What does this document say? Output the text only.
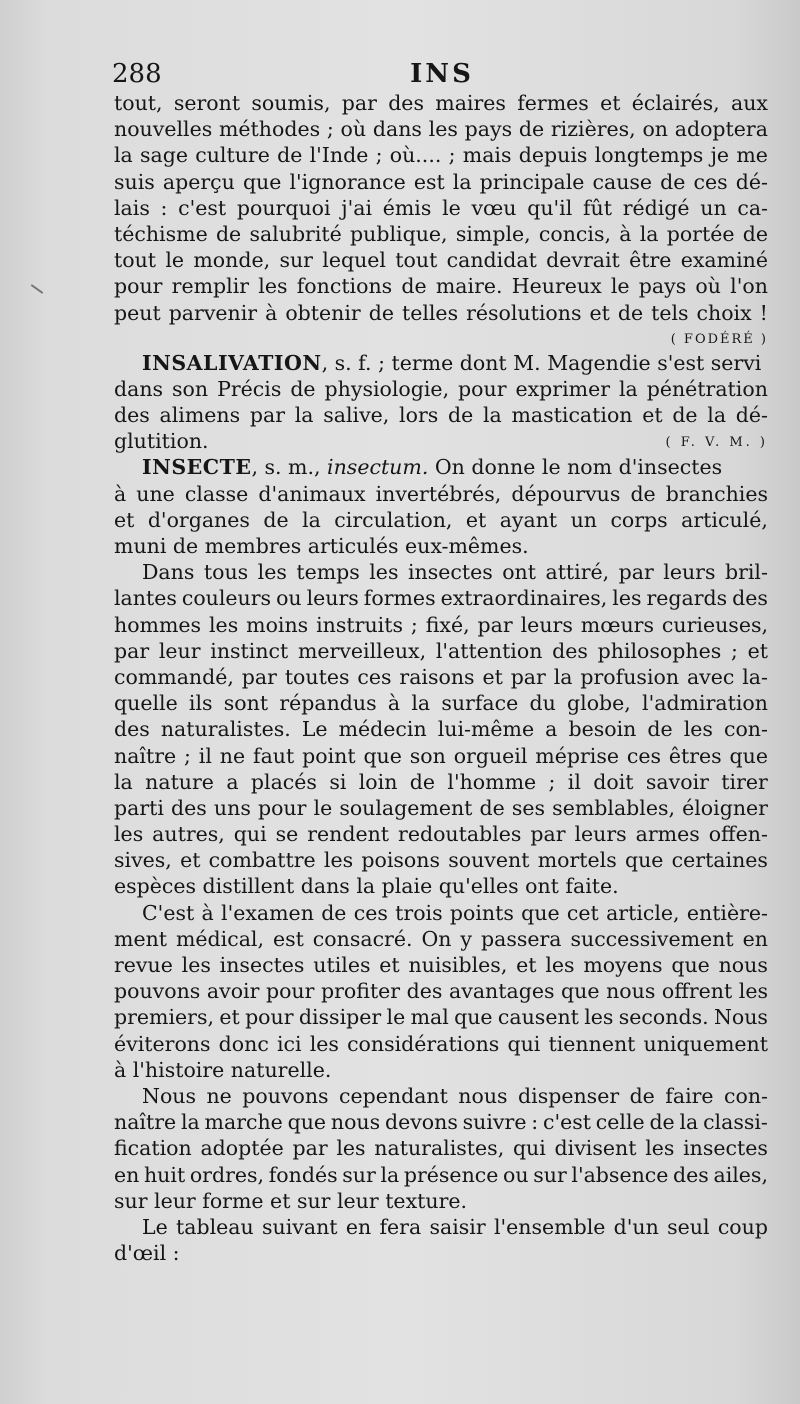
288	INS
tout, seront soumis, par des maires fermes et éclairés, aux
nouvelles méthodes ; où dans les pays de rizières, on adoptera
la sage culture de l'Inde ; où.... ; mais depuis longtemps je me
suis aperçu que l'ignorance est la principale cause de ces dé-
lais : c'est pourquoi j'ai émis le vœu qu'il fût rédigé un ca-
téchisme de salubrité publique, simple, concis, à la portée de
tout le monde, sur lequel tout candidat devrait être examiné
pour remplir les fonctions de maire. Heureux le pays où l'on
peut parvenir à obtenir de telles résolutions et de tels choix !
( FODÉRÉ )
INSALIVATION, s. f. ; terme dont M. Magendie s'est servi
dans son Précis de physiologie, pour exprimer la pénétration
des alimens par la salive, lors de la mastication et de la dé-
glutition.	( F. V. M. )
INSECTE, s. m., insectum. On donne le nom d'insectes
à une classe d'animaux invertébrés, dépourvus de branchies
et d'organes de la circulation, et ayant un corps articulé,
muni de membres articulés eux-mêmes.
Dans tous les temps les insectes ont attiré, par leurs bril-
lantes couleurs ou leurs formes extraordinaires, les regards des
hommes les moins instruits ; fixé, par leurs mœurs curieuses,
par leur instinct merveilleux, l'attention des philosophes ; et
commandé, par toutes ces raisons et par la profusion avec la-
quelle ils sont répandus à la surface du globe, l'admiration
des naturalistes. Le médecin lui-même a besoin de les con-
naître ; il ne faut point que son orgueil méprise ces êtres que
la nature a placés si loin de l'homme ; il doit savoir tirer
parti des uns pour le soulagement de ses semblables, éloigner
les autres, qui se rendent redoutables par leurs armes offen-
sives, et combattre les poisons souvent mortels que certaines
espèces distillent dans la plaie qu'elles ont faite.
C'est à l'examen de ces trois points que cet article, entière-
ment médical, est consacré. On y passera successivement en
revue les insectes utiles et nuisibles, et les moyens que nous
pouvons avoir pour profiter des avantages que nous offrent les
premiers, et pour dissiper le mal que causent les seconds. Nous
éviterons donc ici les considérations qui tiennent uniquement
à l'histoire naturelle.
Nous ne pouvons cependant nous dispenser de faire con-
naître la marche que nous devons suivre : c'est celle de la classi-
fication adoptée par les naturalistes, qui divisent les insectes
en huit ordres, fondés sur la présence ou sur l'absence des ailes,
sur leur forme et sur leur texture.
Le tableau suivant en fera saisir l'ensemble d'un seul coup
d'œil :
